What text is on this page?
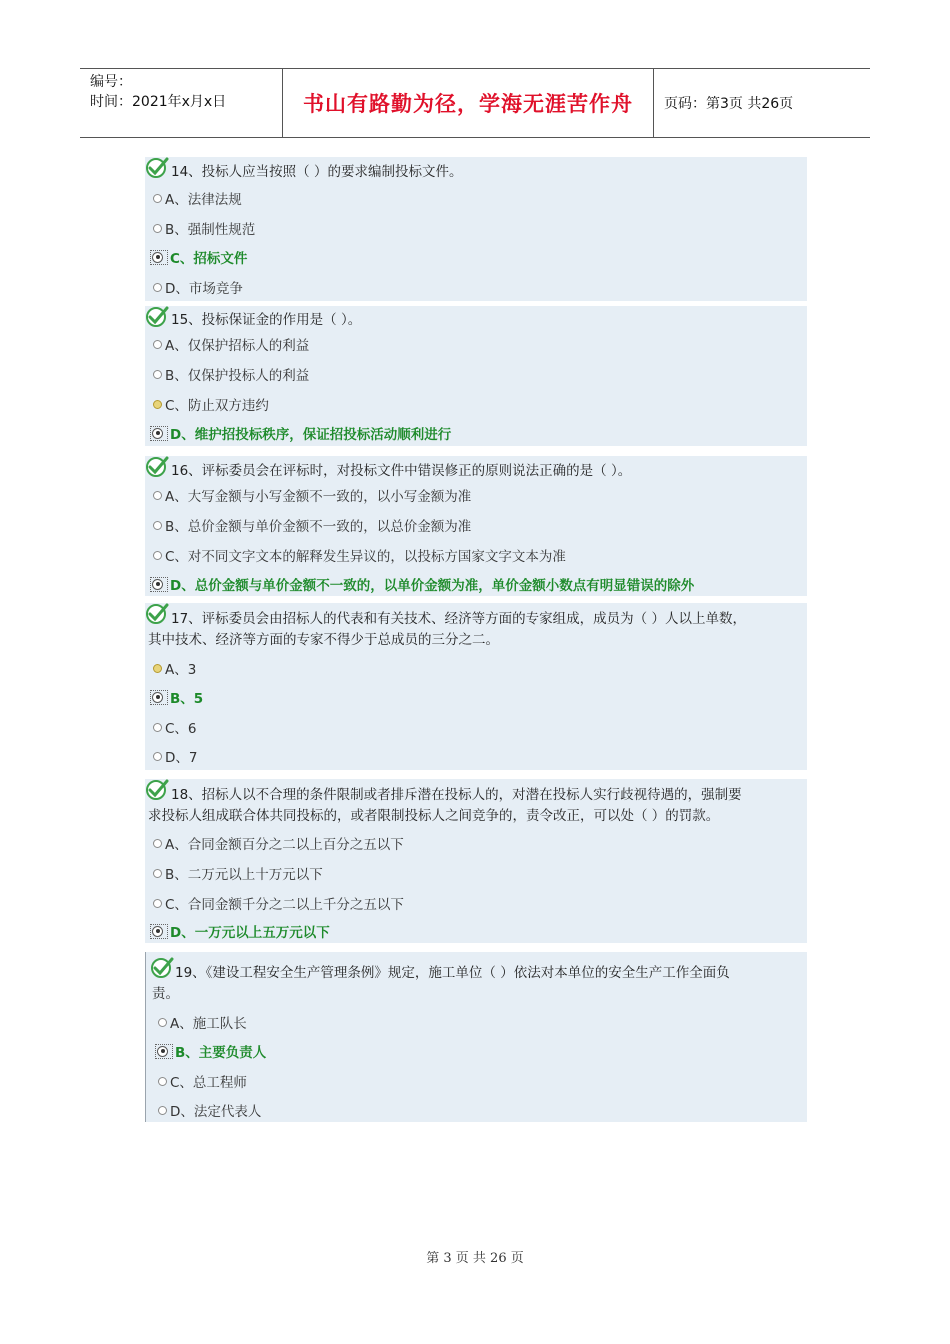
编号：
时间：2021年x月x日	书山有路勤为径，学海无涯苦作舟	页码：第3页 共26页
14、投标人应当按照（ ）的要求编制投标文件。
A、法律法规
B、强制性规范
C、招标文件
D、市场竞争
15、投标保证金的作用是（ ）。
A、仅保护招标人的利益
B、仅保护投标人的利益
C、防止双方违约
D、维护招投标秩序，保证招投标活动顺利进行
16、评标委员会在评标时，对投标文件中错误修正的原则说法正确的是（ ）。
A、大写金额与小写金额不一致的，以小写金额为准
B、总价金额与单价金额不一致的，以总价金额为准
C、对不同文字文本的解释发生异议的，以投标方国家文字文本为准
D、总价金额与单价金额不一致的，以单价金额为准，单价金额小数点有明显错误的除外
17、评标委员会由招标人的代表和有关技术、经济等方面的专家组成，成员为（ ）人以上单数，
其中技术、经济等方面的专家不得少于总成员的三分之二。
A、3
B、5
C、6
D、7
18、招标人以不合理的条件限制或者排斥潜在投标人的，对潜在投标人实行歧视待遇的，强制要
求投标人组成联合体共同投标的，或者限制投标人之间竞争的，责令改正，可以处（ ）的罚款。
A、合同金额百分之二以上百分之五以下
B、二万元以上十万元以下
C、合同金额千分之二以上千分之五以下
D、一万元以上五万元以下
19、《建设工程安全生产管理条例》规定，施工单位（ ）依法对本单位的安全生产工作全面负
责。
A、施工队长
B、主要负责人
C、总工程师
D、法定代表人
第 3 页 共 26 页
